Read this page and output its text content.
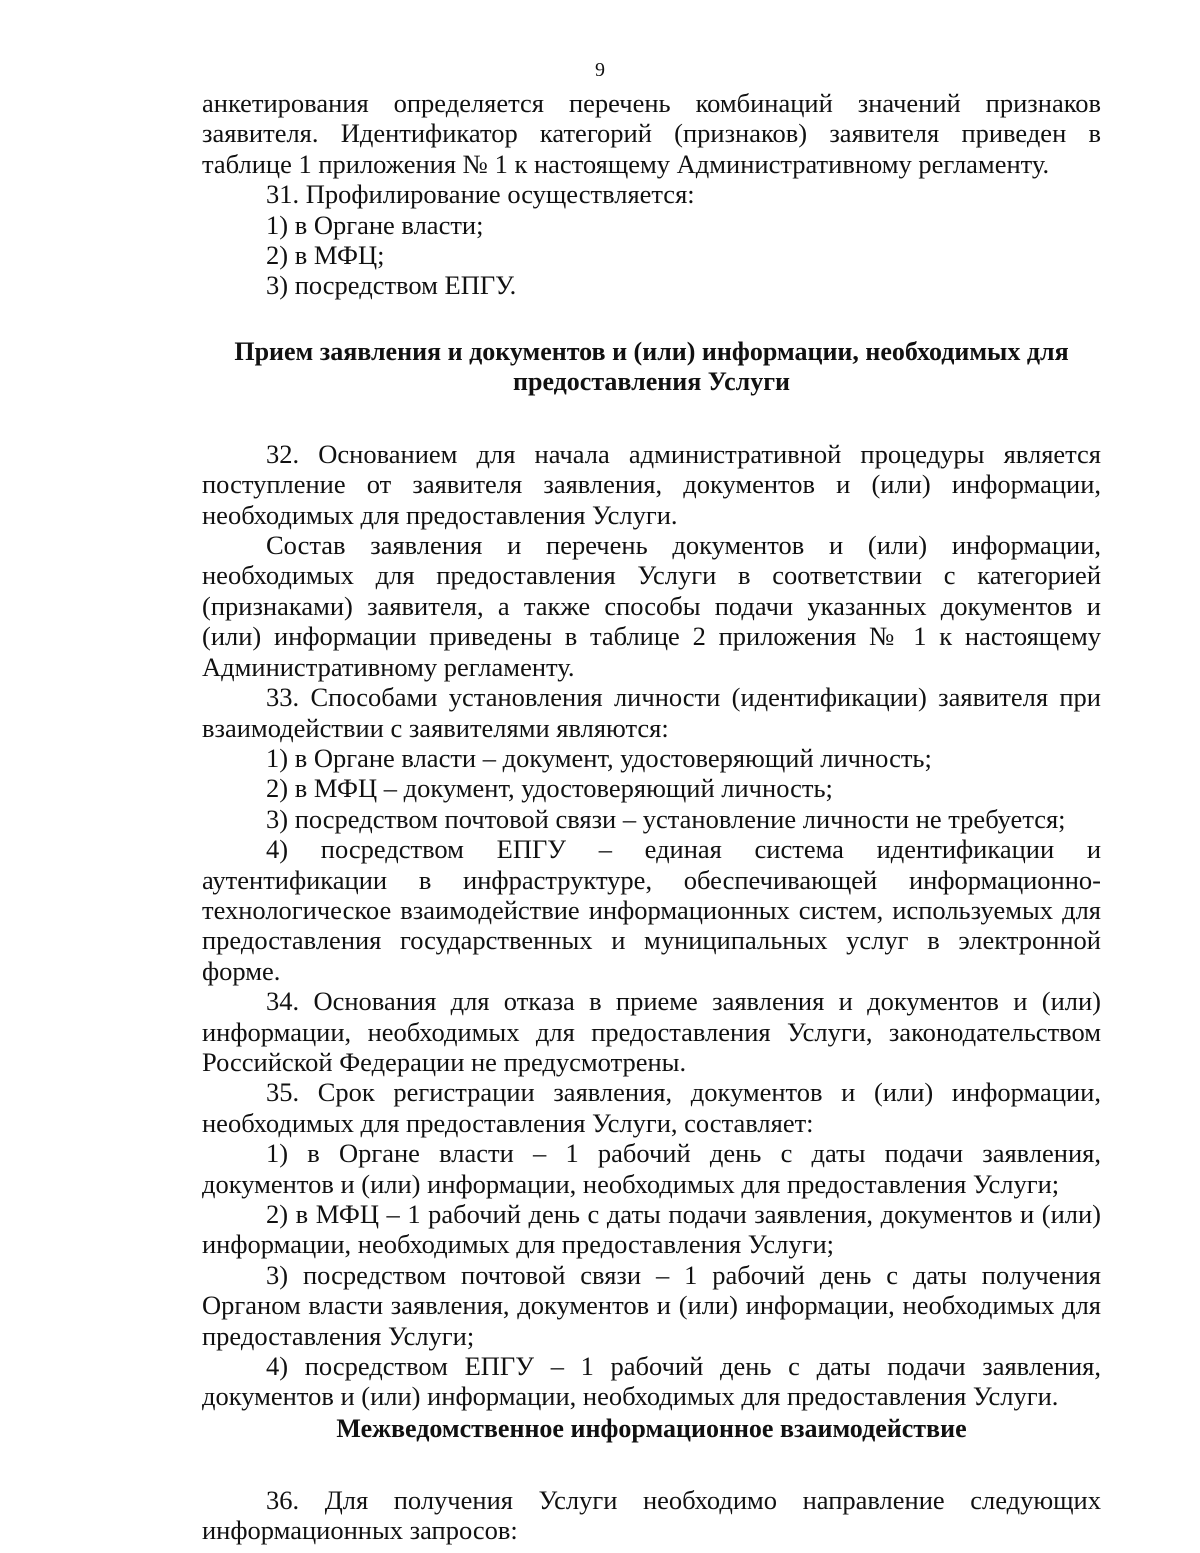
9

анкетирования определяется перечень комбинаций значений признаков заявителя. Идентификатор категорий (признаков) заявителя приведен в таблице 1 приложения № 1 к настоящему Административному регламенту.

31. Профилирование осуществляется:

1) в Органе власти;

2) в МФЦ;

3) посредством ЕПГУ.

Прием заявления и документов и (или) информации, необходимых для предоставления Услуги

32. Основанием для начала административной процедуры является поступление от заявителя заявления, документов и (или) информации, необходимых для предоставления Услуги.

Состав заявления и перечень документов и (или) информации, необходимых для предоставления Услуги в соответствии с категорией (признаками) заявителя, а также способы подачи указанных документов и (или) информации приведены в таблице 2 приложения № 1 к настоящему Административному регламенту.

33. Способами установления личности (идентификации) заявителя при взаимодействии с заявителями являются:

1) в Органе власти – документ, удостоверяющий личность;

2) в МФЦ – документ, удостоверяющий личность;

3) посредством почтовой связи – установление личности не требуется;

4) посредством ЕПГУ – единая система идентификации и аутентификации в инфраструктуре, обеспечивающей информационно-технологическое взаимодействие информационных систем, используемых для предоставления государственных и муниципальных услуг в электронной форме.

34. Основания для отказа в приеме заявления и документов и (или) информации, необходимых для предоставления Услуги, законодательством Российской Федерации не предусмотрены.

35. Срок регистрации заявления, документов и (или) информации, необходимых для предоставления Услуги, составляет:

1) в Органе власти – 1 рабочий день с даты подачи заявления, документов и (или) информации, необходимых для предоставления Услуги;

2) в МФЦ – 1 рабочий день с даты подачи заявления, документов и (или) информации, необходимых для предоставления Услуги;

3) посредством почтовой связи – 1 рабочий день с даты получения Органом власти заявления, документов и (или) информации, необходимых для предоставления Услуги;

4) посредством ЕПГУ – 1 рабочий день с даты подачи заявления, документов и (или) информации, необходимых для предоставления Услуги.

Межведомственное информационное взаимодействие

36. Для получения Услуги необходимо направление следующих информационных запросов:
